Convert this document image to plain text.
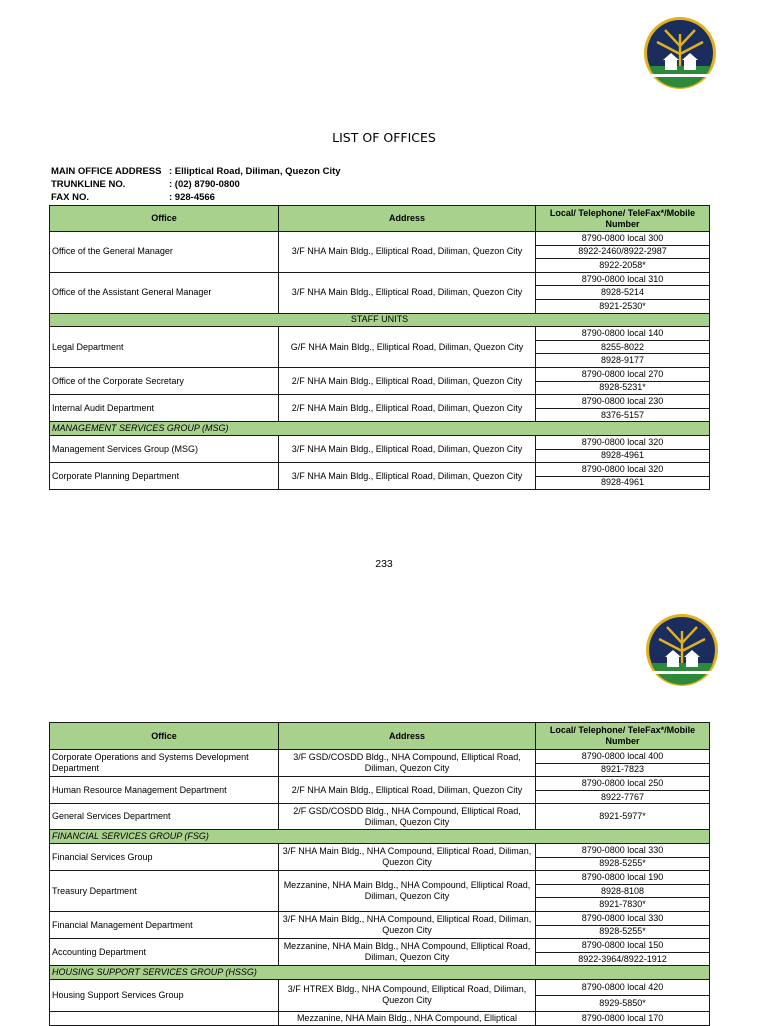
LIST OF OFFICES
MAIN OFFICE ADDRESS : Elliptical Road, Diliman, Quezon City
TRUNKLINE NO.	: (02) 8790-0800
FAX NO.	: 928-4566
Office	Address	Local/ Telephone/ TeleFax*/Mobile Number
Office of the General Manager	3/F NHA Main Bldg., Elliptical Road, Diliman, Quezon City	8790-0800 local 300
		8922-2460/8922-2987
		8922-2058*
Office of the Assistant General Manager	3/F NHA Main Bldg., Elliptical Road, Diliman, Quezon City	8790-0800 local 310
		8928-5214
		8921-2530*
STAFF UNITS		
Legal Department	G/F NHA Main Bldg., Elliptical Road, Diliman, Quezon City	8790-0800 local 140
		8255-8022
		8928-9177
Office of the Corporate Secretary	2/F NHA Main Bldg., Elliptical Road, Diliman, Quezon City	8790-0800 local 270
		8928-5231*
Internal Audit Department	2/F NHA Main Bldg., Elliptical Road, Diliman, Quezon City	8790-0800 local 230
		8376-5157
MANAGEMENT SERVICES GROUP (MSG)		
Management Services Group (MSG)	3/F NHA Main Bldg., Elliptical Road, Diliman, Quezon City	8790-0800 local 320
		8928-4961
Corporate Planning Department	3/F NHA Main Bldg., Elliptical Road, Diliman, Quezon City	8790-0800 local 320
		8928-4961
233
Office	Address	Local/ Telephone/ TeleFax*/Mobile Number
Corporate Operations and Systems Development Department	3/F GSD/COSDD Bldg., NHA Compound, Elliptical Road, Diliman, Quezon City	8790-0800 local 400
		8921-7823
Human Resource Management Department	2/F NHA Main Bldg., Elliptical Road, Diliman, Quezon City	8790-0800 local 250
		8922-7767
General Services Department	2/F GSD/COSDD Bldg., NHA Compound, Elliptical Road, Diliman, Quezon City	8921-5977*
FINANCIAL SERVICES GROUP (FSG)		
Financial Services Group	3/F NHA Main Bldg., NHA Compound, Elliptical Road, Diliman, Quezon City	8790-0800 local 330
		8928-5255*
Treasury Department	Mezzanine, NHA Main Bldg., NHA Compound, Elliptical Road, Diliman, Quezon City	8790-0800 local 190
		8928-8108
		8921-7830*
Financial Management Department	3/F NHA Main Bldg., NHA Compound, Elliptical Road, Diliman, Quezon City	8790-0800 local 330
		8928-5255*
Accounting Department	Mezzanine, NHA Main Bldg., NHA Compound, Elliptical Road, Diliman, Quezon City	8790-0800 local 150
		8922-3964/8922-1912
HOUSING SUPPORT SERVICES GROUP (HSSG)		
Housing Support Services Group	3/F HTREX Bldg., NHA Compound, Elliptical Road, Diliman, Quezon City	8790-0800 local 420
		8929-5850*
	Mezzanine, NHA Main Bldg., NHA Compound, Elliptical	8790-0800 local 170
